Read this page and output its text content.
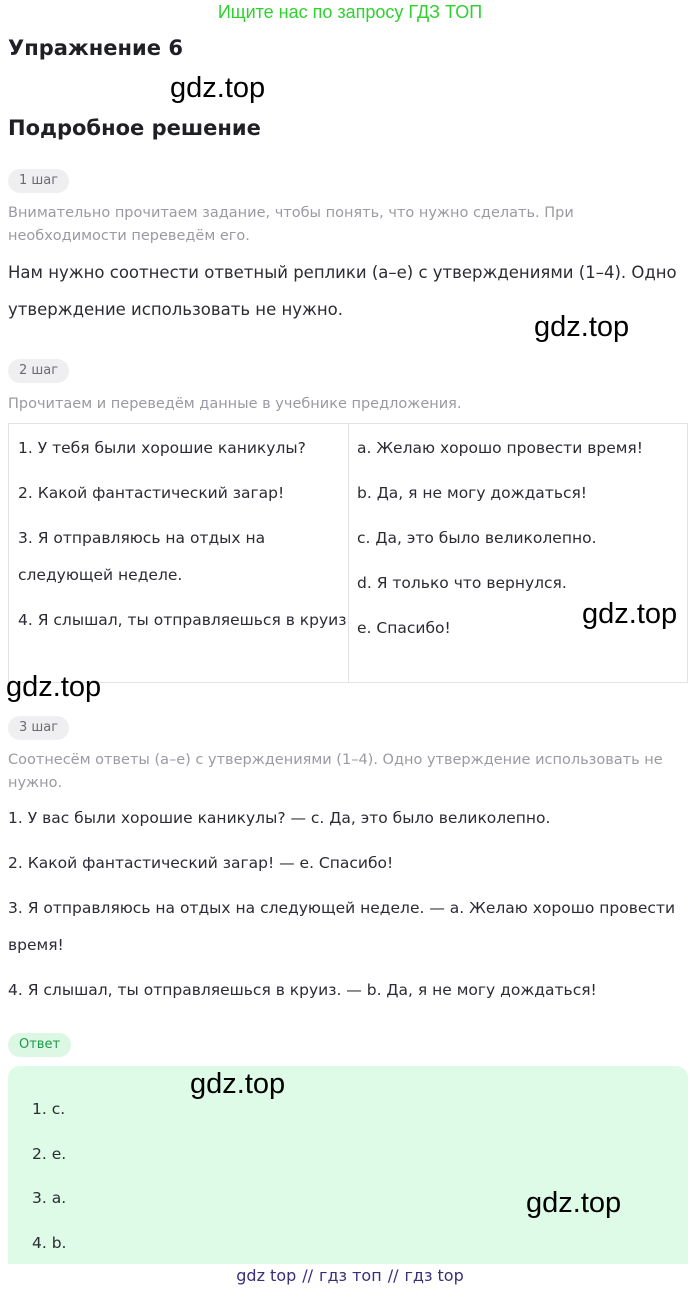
Ищите нас по запросу ГДЗ ТОП
Упражнение 6
gdz.top
Подробное решение
1 шаг

Внимательно прочитаем задание, чтобы понять, что нужно сделать. При необходимости переведём его.

Нам нужно соотнести ответный реплики (a–e) с утверждениями (1–4). Одно утверждение использовать не нужно.

gdz.top
2 шаг

Прочитаем и переведём данные в учебнике предложения.

1. У тебя были хорошие каникулы?
2. Какой фантастический загар!
3. Я отправляюсь на отдых на следующей неделе.
4. Я слышал, ты отправляешься в круиз
a. Желаю хорошо провести время!
b. Да, я не могу дождаться!
c. Да, это было великолепно.
d. Я только что вернулся.
e. Спасибо!	gdz.top
gdz.top
3 шаг

Соотнесём ответы (a–e) с утверждениями (1–4). Одно утверждение использовать не нужно.

1. У вас были хорошие каникулы? — c. Да, это было великолепно.

2. Какой фантастический загар! — e. Спасибо!

3. Я отправляюсь на отдых на следующей неделе. — a. Желаю хорошо провести время!

4. Я слышал, ты отправляешься в круиз. — b. Да, я не могу дождаться!

Ответ
1. c.
2. e.
3. a.
4. b.
gdz.top
gdz.top
gdz top // гдз топ // гдз top
